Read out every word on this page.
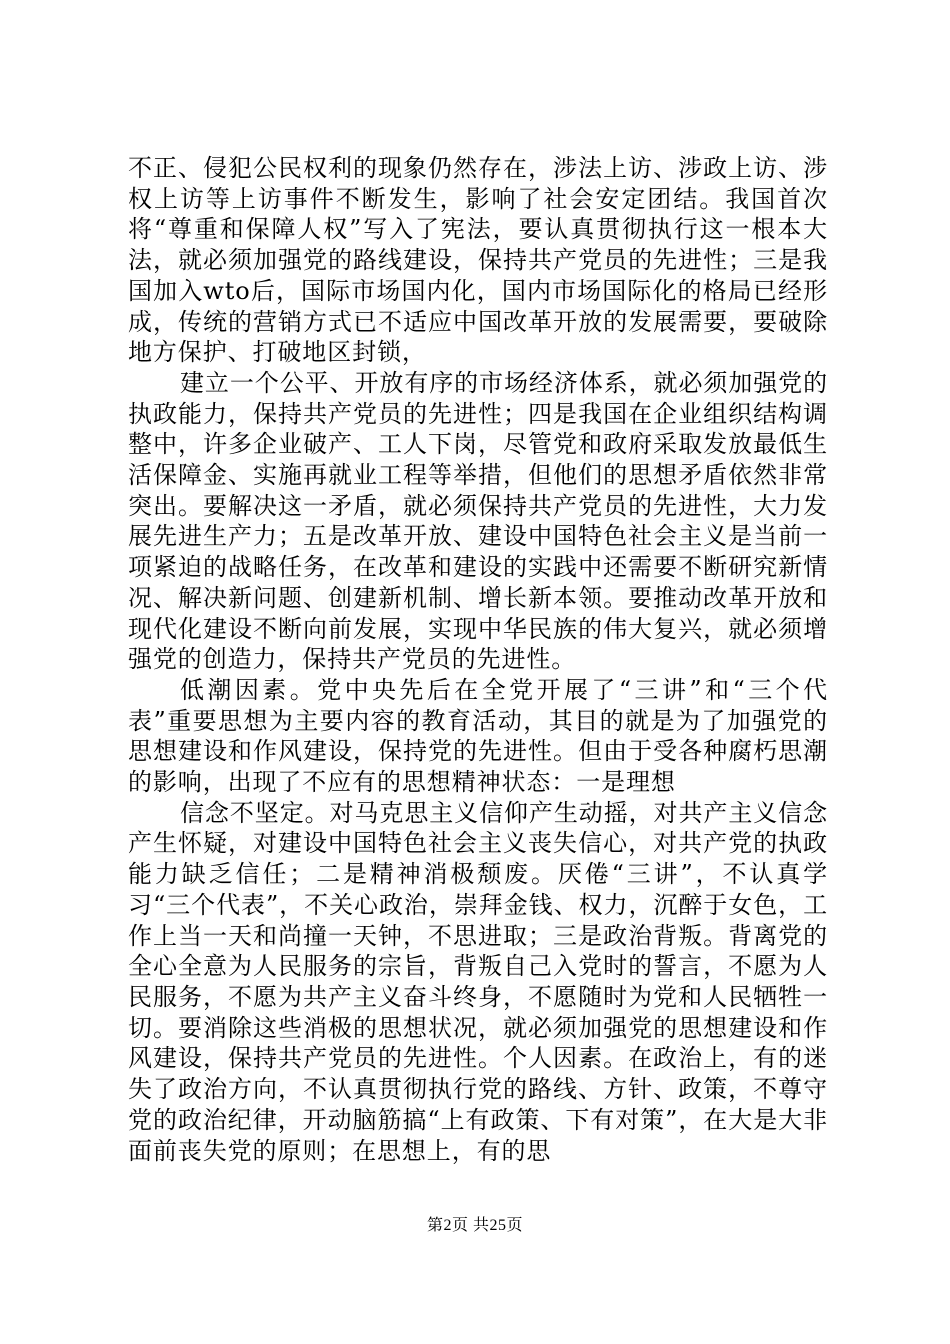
不正、侵犯公民权利的现象仍然存在，涉法上访、涉政上访、涉权上访等上访事件不断发生，影响了社会安定团结。我国首次将“尊重和保障人权”写入了宪法，要认真贯彻执行这一根本大法，就必须加强党的路线建设，保持共产党员的先进性；三是我国加入wto后，国际市场国内化，国内市场国际化的格局已经形成，传统的营销方式已不适应中国改革开放的发展需要，要破除地方保护、打破地区封锁，

建立一个公平、开放有序的市场经济体系，就必须加强党的执政能力，保持共产党员的先进性；四是我国在企业组织结构调整中，许多企业破产、工人下岗，尽管党和政府采取发放最低生活保障金、实施再就业工程等举措，但他们的思想矛盾依然非常突出。要解决这一矛盾，就必须保持共产党员的先进性，大力发展先进生产力；五是改革开放、建设中国特色社会主义是当前一项紧迫的战略任务，在改革和建设的实践中还需要不断研究新情况、解决新问题、创建新机制、增长新本领。要推动改革开放和现代化建设不断向前发展，实现中华民族的伟大复兴，就必须增强党的创造力，保持共产党员的先进性。

低潮因素。党中央先后在全党开展了“三讲”和“三个代表”重要思想为主要内容的教育活动，其目的就是为了加强党的思想建设和作风建设，保持党的先进性。但由于受各种腐朽思潮的影响，出现了不应有的思想精神状态：一是理想

信念不坚定。对马克思主义信仰产生动摇，对共产主义信念产生怀疑，对建设中国特色社会主义丧失信心，对共产党的执政能力缺乏信任；二是精神消极颓废。厌倦“三讲”，不认真学习“三个代表”，不关心政治，崇拜金钱、权力，沉醉于女色，工作上当一天和尚撞一天钟，不思进取；三是政治背叛。背离党的全心全意为人民服务的宗旨，背叛自己入党时的誓言，不愿为人民服务，不愿为共产主义奋斗终身，不愿随时为党和人民牺牲一切。要消除这些消极的思想状况，就必须加强党的思想建设和作风建设，保持共产党员的先进性。个人因素。在政治上，有的迷失了政治方向，不认真贯彻执行党的路线、方针、政策，不尊守党的政治纪律，开动脑筋搞“上有政策、下有对策”，在大是大非面前丧失党的原则；在思想上，有的思

第2页 共25页
